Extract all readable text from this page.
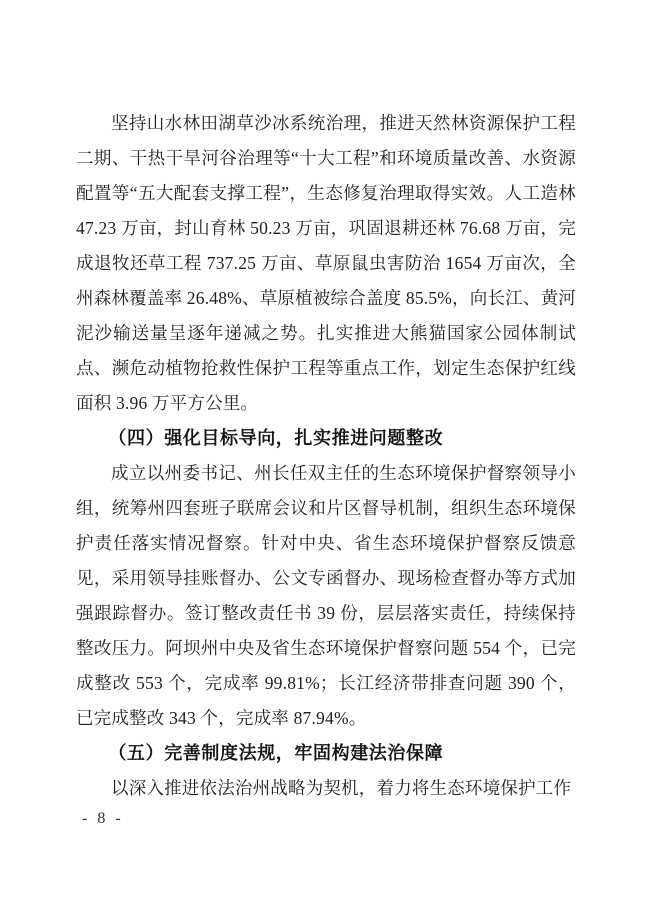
坚持山水林田湖草沙冰系统治理，推进天然林资源保护工程二期、干热干旱河谷治理等“十大工程”和环境质量改善、水资源配置等“五大配套支撑工程”，生态修复治理取得实效。人工造林 47.23 万亩，封山育林 50.23 万亩，巩固退耕还林 76.68 万亩，完成退牧还草工程 737.25 万亩、草原鼠虫害防治 1654 万亩次，全州森林覆盖率 26.48%、草原植被综合盖度 85.5%，向长江、黄河泥沙输送量呈逐年递减之势。扎实推进大熊猫国家公园体制试点、濒危动植物抢救性保护工程等重点工作，划定生态保护红线面积 3.96 万平方公里。

（四）强化目标导向，扎实推进问题整改

成立以州委书记、州长任双主任的生态环境保护督察领导小组，统筹州四套班子联席会议和片区督导机制，组织生态环境保护责任落实情况督察。针对中央、省生态环境保护督察反馈意见，采用领导挂账督办、公文专函督办、现场检查督办等方式加强跟踪督办。签订整改责任书 39 份，层层落实责任，持续保持整改压力。阿坝州中央及省生态环境保护督察问题 554 个，已完成整改 553 个，完成率 99.81%；长江经济带排查问题 390 个，已完成整改 343 个，完成率 87.94%。

（五）完善制度法规，牢固构建法治保障

以深入推进依法治州战略为契机，着力将生态环境保护工作

- 8 -
